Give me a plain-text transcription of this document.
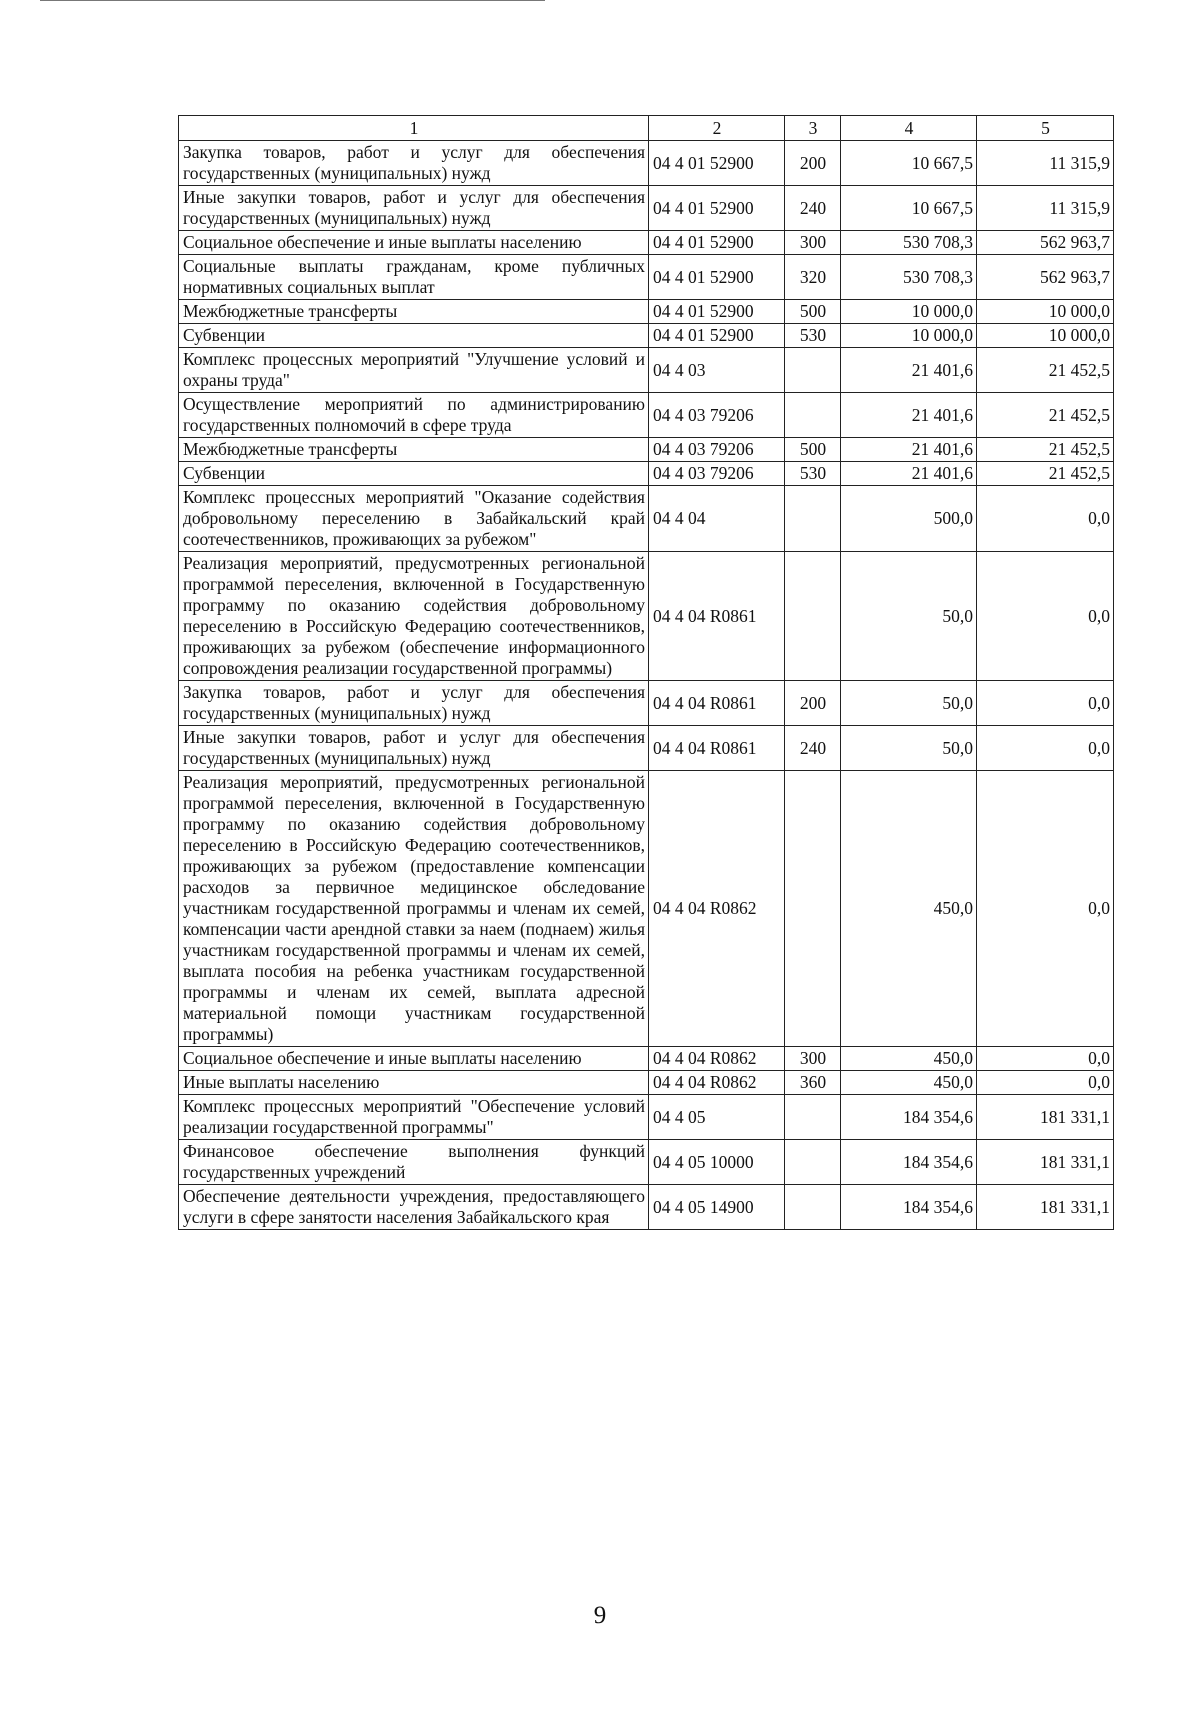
1	2	3	4	5
Закупка товаров, работ и услуг для обеспечения государственных (муниципальных) нужд	04 4 01 52900	200	10 667,5	11 315,9
Иные закупки товаров, работ и услуг для обеспечения государственных (муниципальных) нужд	04 4 01 52900	240	10 667,5	11 315,9
Социальное обеспечение и иные выплаты населению	04 4 01 52900	300	530 708,3	562 963,7
Социальные выплаты гражданам, кроме публичных нормативных социальных выплат	04 4 01 52900	320	530 708,3	562 963,7
Межбюджетные трансферты	04 4 01 52900	500	10 000,0	10 000,0
Субвенции	04 4 01 52900	530	10 000,0	10 000,0
Комплекс процессных мероприятий "Улучшение условий и охраны труда"	04 4 03		21 401,6	21 452,5
Осуществление мероприятий по администрированию государственных полномочий в сфере труда	04 4 03 79206		21 401,6	21 452,5
Межбюджетные трансферты	04 4 03 79206	500	21 401,6	21 452,5
Субвенции	04 4 03 79206	530	21 401,6	21 452,5
Комплекс процессных мероприятий "Оказание содействия добровольному переселению в Забайкальский край соотечественников, проживающих за рубежом"	04 4 04		500,0	0,0
Реализация мероприятий, предусмотренных региональной программой переселения, включенной в Государственную программу по оказанию содействия добровольному переселению в Российскую Федерацию соотечественников, проживающих за рубежом (обеспечение информационного сопровождения реализации государственной программы)	04 4 04 R0861		50,0	0,0
Закупка товаров, работ и услуг для обеспечения государственных (муниципальных) нужд	04 4 04 R0861	200	50,0	0,0
Иные закупки товаров, работ и услуг для обеспечения государственных (муниципальных) нужд	04 4 04 R0861	240	50,0	0,0
Реализация мероприятий, предусмотренных региональной программой переселения, включенной в Государственную программу по оказанию содействия добровольному переселению в Российскую Федерацию соотечественников, проживающих за рубежом (предоставление компенсации расходов за первичное медицинское обследование участникам государственной программы и членам их семей, компенсации части арендной ставки за наем (поднаем) жилья участникам государственной программы и членам их семей, выплата пособия на ребенка участникам государственной программы и членам их семей, выплата адресной материальной помощи участникам государственной программы)	04 4 04 R0862		450,0	0,0
Социальное обеспечение и иные выплаты населению	04 4 04 R0862	300	450,0	0,0
Иные выплаты населению	04 4 04 R0862	360	450,0	0,0
Комплекс процессных мероприятий "Обеспечение условий реализации государственной программы"	04 4 05		184 354,6	181 331,1
Финансовое обеспечение выполнения функций государственных учреждений	04 4 05 10000		184 354,6	181 331,1
Обеспечение деятельности учреждения, предоставляющего услуги в сфере занятости населения Забайкальского края	04 4 05 14900		184 354,6	181 331,1
9
